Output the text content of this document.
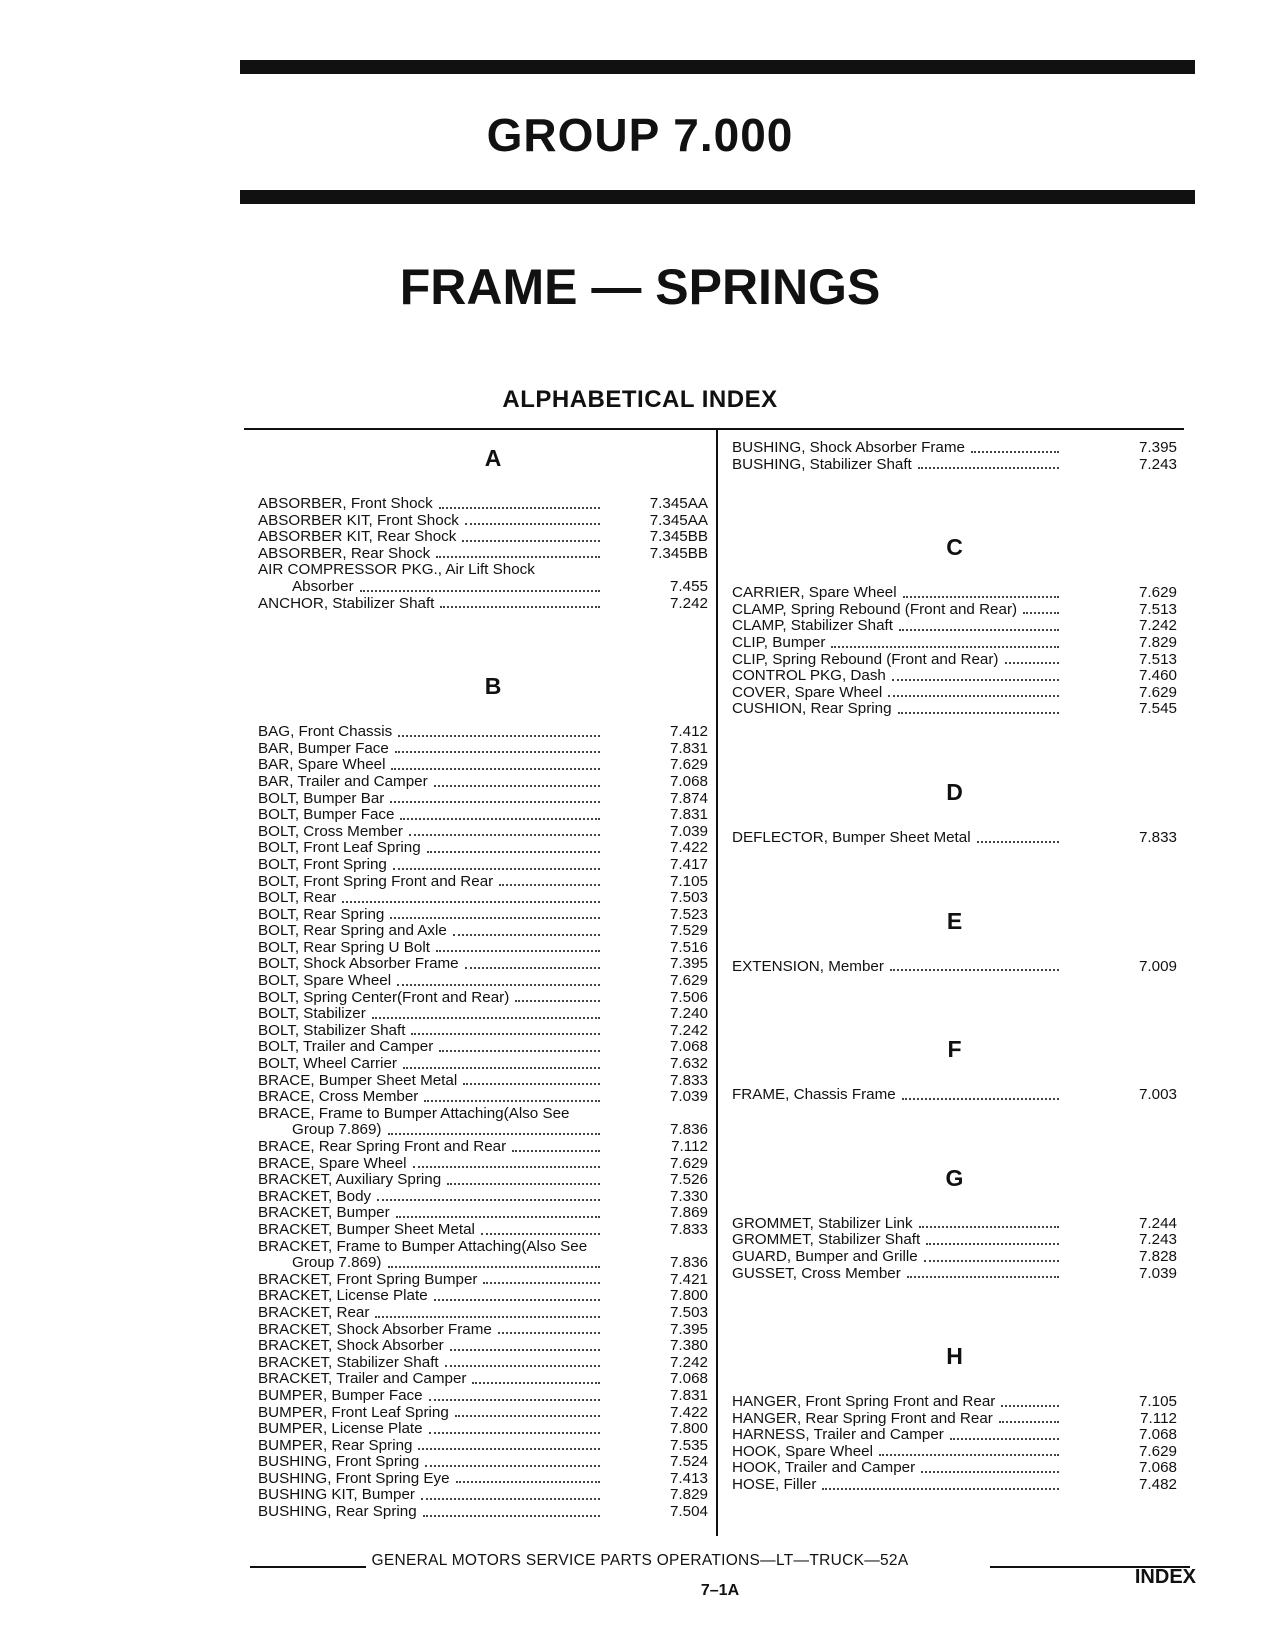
GROUP 7.000
FRAME — SPRINGS
ALPHABETICAL INDEX
A
ABSORBER, Front Shock	7.345AA
ABSORBER KIT, Front Shock	7.345AA
ABSORBER KIT, Rear Shock	7.345BB
ABSORBER, Rear Shock	7.345BB
AIR COMPRESSOR PKG., Air Lift Shock
Absorber	7.455
ANCHOR, Stabilizer Shaft	7.242
B
BAG, Front Chassis	7.412
BAR, Bumper Face	7.831
BAR, Spare Wheel	7.629
BAR, Trailer and Camper	7.068
BOLT, Bumper Bar	7.874
BOLT, Bumper Face	7.831
BOLT, Cross Member	7.039
BOLT, Front Leaf Spring	7.422
BOLT, Front Spring	7.417
BOLT, Front Spring Front and Rear	7.105
BOLT, Rear	7.503
BOLT, Rear Spring	7.523
BOLT, Rear Spring and Axle	7.529
BOLT, Rear Spring U Bolt	7.516
BOLT, Shock Absorber Frame	7.395
BOLT, Spare Wheel	7.629
BOLT, Spring Center(Front and Rear)	7.506
BOLT, Stabilizer	7.240
BOLT, Stabilizer Shaft	7.242
BOLT, Trailer and Camper	7.068
BOLT, Wheel Carrier	7.632
BRACE, Bumper Sheet Metal	7.833
BRACE, Cross Member	7.039
BRACE, Frame to Bumper Attaching(Also See
Group 7.869)	7.836
BRACE, Rear Spring Front and Rear	7.112
BRACE, Spare Wheel	7.629
BRACKET, Auxiliary Spring	7.526
BRACKET, Body	7.330
BRACKET, Bumper	7.869
BRACKET, Bumper Sheet Metal	7.833
BRACKET, Frame to Bumper Attaching(Also See
Group 7.869)	7.836
BRACKET, Front Spring Bumper	7.421
BRACKET, License Plate	7.800
BRACKET, Rear	7.503
BRACKET, Shock Absorber Frame	7.395
BRACKET, Shock Absorber	7.380
BRACKET, Stabilizer Shaft	7.242
BRACKET, Trailer and Camper	7.068
BUMPER, Bumper Face	7.831
BUMPER, Front Leaf Spring	7.422
BUMPER, License Plate	7.800
BUMPER, Rear Spring	7.535
BUSHING, Front Spring	7.524
BUSHING, Front Spring Eye	7.413
BUSHING KIT, Bumper	7.829
BUSHING, Rear Spring	7.504
BUSHING, Shock Absorber Frame	7.395
BUSHING, Stabilizer Shaft	7.243
C
CARRIER, Spare Wheel	7.629
CLAMP, Spring Rebound (Front and Rear)	7.513
CLAMP, Stabilizer Shaft	7.242
CLIP, Bumper	7.829
CLIP, Spring Rebound (Front and Rear)	7.513
CONTROL PKG, Dash	7.460
COVER, Spare Wheel	7.629
CUSHION, Rear Spring	7.545
D
DEFLECTOR, Bumper Sheet Metal	7.833
E
EXTENSION, Member	7.009
F
FRAME, Chassis Frame	7.003
G
GROMMET, Stabilizer Link	7.244
GROMMET, Stabilizer Shaft	7.243
GUARD, Bumper and Grille	7.828
GUSSET, Cross Member	7.039
H
HANGER, Front Spring Front and Rear	7.105
HANGER, Rear Spring Front and Rear	7.112
HARNESS, Trailer and Camper	7.068
HOOK, Spare Wheel	7.629
HOOK, Trailer and Camper	7.068
HOSE, Filler	7.482
GENERAL MOTORS SERVICE PARTS OPERATIONS—LT—TRUCK—52A
7–1A
INDEX
